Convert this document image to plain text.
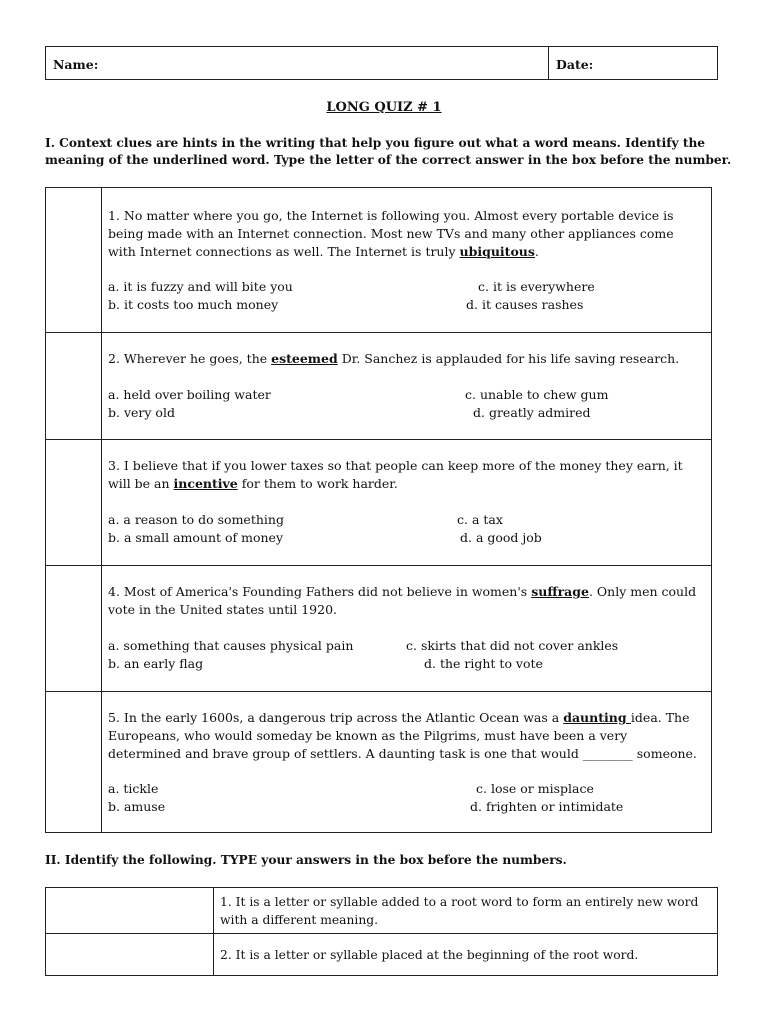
Name:	Date:
LONG QUIZ # 1
I. Context clues are hints in the writing that help you figure out what a word means. Identify the meaning of the underlined word. Type the letter of the correct answer in the box before the number.
1. No matter where you go, the Internet is following you. Almost every portable device is being made with an Internet connection. Most new TVs and many other appliances come with Internet connections as well. The Internet is truly ubiquitous.
a. it is fuzzy and will bite you
b. it costs too much money
c. it is everywhere
d. it causes rashes
2. Wherever he goes, the esteemed Dr. Sanchez is applauded for his life saving research.
a. held over boiling water
b. very old
c. unable to chew gum
d. greatly admired
3. I believe that if you lower taxes so that people can keep more of the money they earn, it will be an incentive for them to work harder.
a. a reason to do something
b. a small amount of money
c. a tax
d. a good job
4. Most of America's Founding Fathers did not believe in women's suffrage. Only men could vote in the United states until 1920.
a. something that causes physical pain
b. an early flag
c. skirts that did not cover ankles
d. the right to vote
5. In the early 1600s, a dangerous trip across the Atlantic Ocean was a daunting idea. The Europeans, who would someday be known as the Pilgrims, must have been a very determined and brave group of settlers. A daunting task is one that would ________ someone.
a. tickle
b. amuse
c. lose or misplace
d. frighten or intimidate
II. Identify the following. TYPE your answers in the box before the numbers.
1. It is a letter or syllable added to a root word to form an entirely new word with a different meaning.
2. It is a letter or syllable placed at the beginning of the root word.
